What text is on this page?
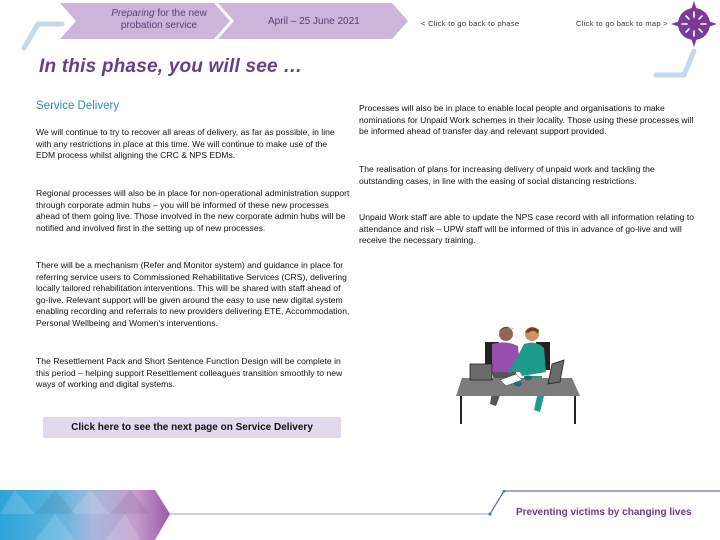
Preparing for the new probation service	April – 25 June 2021	< Click to go back to phase	Click to go back to map >
In this phase, you will see …
Service Delivery
We will continue to try to recover all areas of delivery, as far as possible, in line with any restrictions in place at this time. We will continue to make use of the EDM process whilst aligning the CRC & NPS EDMs.
Regional processes will also be in place for non-operational administration support through corporate admin hubs – you will be informed of these new processes ahead of them going live. Those involved in the new corporate admin hubs will be notified and involved first in the setting up of new processes.
There will be a mechanism (Refer and Monitor system) and guidance in place for referring service users to Commissioned Rehabilitative Services (CRS), delivering locally tailored rehabilitation interventions. This will be shared with staff ahead of go-live. Relevant support will be given around the easy to use new digital system enabling recording and referrals to new providers delivering ETE, Accommodation, Personal Wellbeing and Women's interventions.
The Resettlement Pack and Short Sentence Function Design will be complete in this period – helping support Resettlement colleagues transition smoothly to new ways of working and digital systems.
Processes will also be in place to enable local people and organisations to make nominations for Unpaid Work schemes in their locality. Those using these processes will be informed ahead of transfer day and relevant support provided.
The realisation of plans for increasing delivery of unpaid work and tackling the outstanding cases, in line with the easing of social distancing restrictions.
Unpaid Work staff are able to update the NPS case record with all information relating to attendance and risk – UPW staff will be informed of this in advance of go-live and will receive the necessary training.
Click here to see the next page on Service Delivery
Preventing victims by changing lives
